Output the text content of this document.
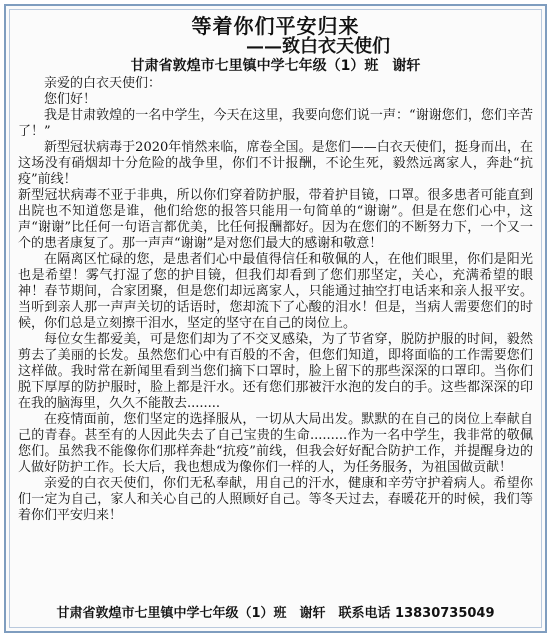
等着你们平安归来
——致白衣天使们
甘肃省敦煌市七里镇中学七年级（1）班　谢轩

亲爱的白衣天使们：

您们好！

我是甘肃敦煌的一名中学生，今天在这里，我要向您们说一声：“谢谢您们，您们辛苦了！”

新型冠状病毒于2020年悄然来临，席卷全国。是您们——白衣天使们，挺身而出，在这场没有硝烟却十分危险的战争里，你们不计报酬，不论生死，毅然远离家人，奔赴“抗疫”前线！

新型冠状病毒不亚于非典，所以你们穿着防护服，带着护目镜，口罩。很多患者可能直到出院也不知道您是谁，他们给您的报答只能用一句简单的“谢谢”。但是在您们心中，这声“谢谢”比任何一句语言都优美，比任何报酬都好。因为在您们的不断努力下，一个又一个的患者康复了。那一声声“谢谢”是对您们最大的感谢和敬意！

在隔离区忙碌的您，是患者们心中最值得信任和敬佩的人，在他们眼里，你们是阳光也是希望！雾气打湿了您的护目镜，但我们却看到了您们那坚定，关心，充满希望的眼神！春节期间，合家团聚，但是您们却远离家人，只能通过抽空打电话来和亲人报平安。当听到亲人那一声声关切的话语时，您却流下了心酸的泪水！但是，当病人需要您们的时候，你们总是立刻擦干泪水，坚定的坚守在自己的岗位上。

每位女生都爱美，可是您们却为了不交叉感染，为了节省穿，脱防护服的时间，毅然剪去了美丽的长发。虽然您们心中有百般的不舍，但您们知道，即将面临的工作需要您们这样做。我时常在新闻里看到当您们摘下口罩时，脸上留下的那些深深的口罩印。当你们脱下厚厚的防护服时，脸上都是汗水。还有您们那被汗水泡的发白的手。这些都深深的印在我的脑海里，久久不能散去........

在疫情面前，您们坚定的选择服从，一切从大局出发。默默的在自己的岗位上奉献自己的青春。甚至有的人因此失去了自己宝贵的生命.........作为一名中学生，我非常的敬佩您们。虽然我不能像你们那样奔赴“抗疫”前线，但我会好好配合防护工作，并提醒身边的人做好防护工作。长大后，我也想成为像你们一样的人，为任务服务，为祖国做贡献！

亲爱的白衣天使们，你们无私奉献，用自己的汗水，健康和辛劳守护着病人。希望你们一定为自己，家人和关心自己的人照顾好自己。等冬天过去，春暖花开的时候，我们等着你们平安归来！

甘肃省敦煌市七里镇中学七年级（1）班　谢轩　联系电话 13830735049
